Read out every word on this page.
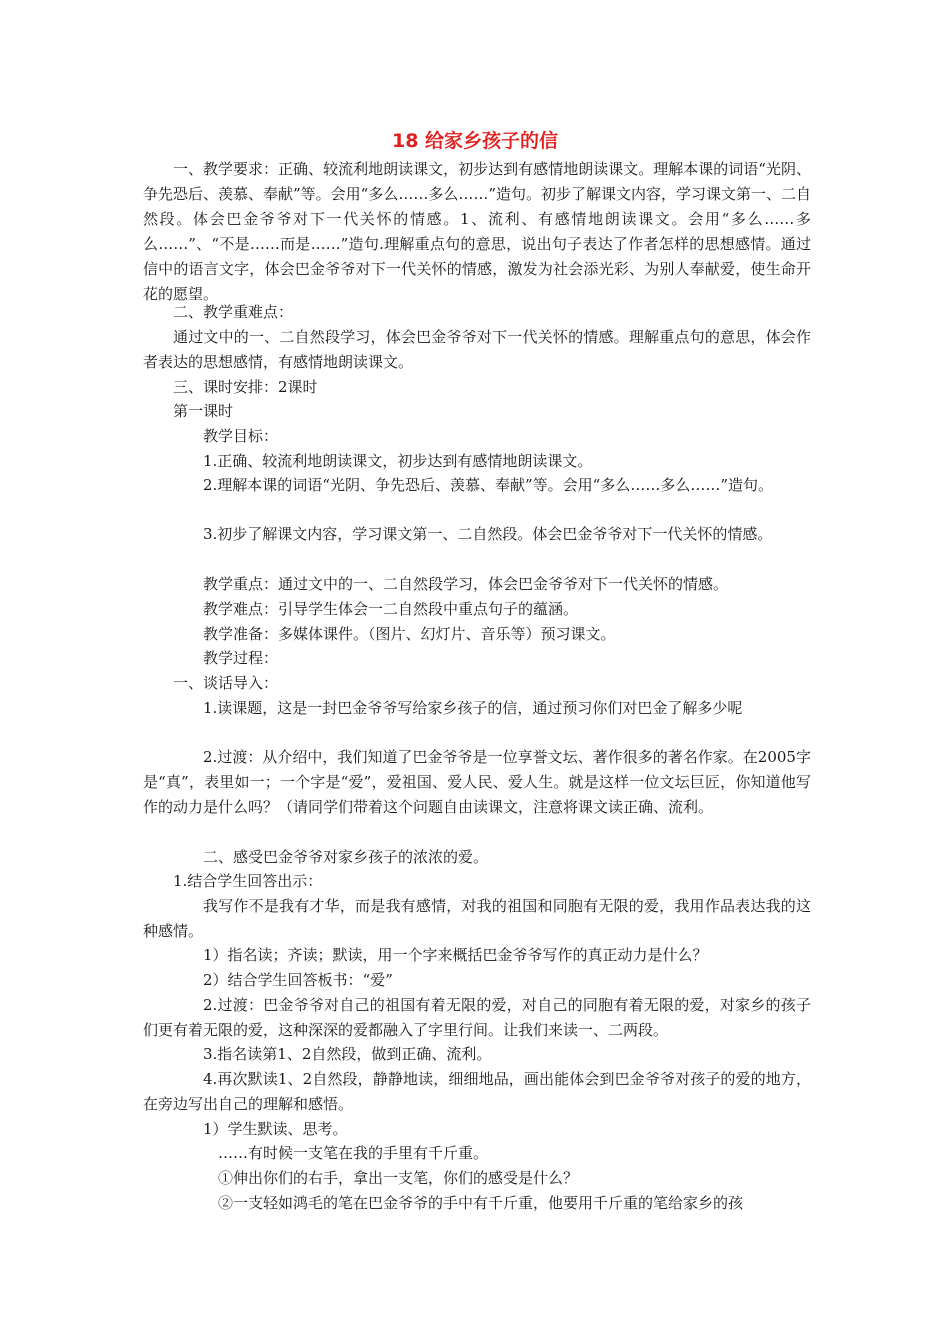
18 给家乡孩子的信

一、教学要求：正确、较流利地朗读课文，初步达到有感情地朗读课文。理解本课的词语“光阴、争先恐后、羡慕、奉献”等。会用“多么……多么……”造句。初步了解课文内容，学习课文第一、二自然段。体会巴金爷爷对下一代关怀的情感。1、流利、有感情地朗读课文。会用“多么……多么……”、“不是……而是……”造句.理解重点句的意思，说出句子表达了作者怎样的思想感情。通过信中的语言文字，体会巴金爷爷对下一代关怀的情感，激发为社会添光彩、为别人奉献爱，使生命开花的愿望。

二、教学重难点：

通过文中的一、二自然段学习，体会巴金爷爷对下一代关怀的情感。理解重点句的意思，体会作者表达的思想感情，有感情地朗读课文。

三、课时安排：2课时

第一课时

教学目标：

1.正确、较流利地朗读课文，初步达到有感情地朗读课文。

2.理解本课的词语“光阴、争先恐后、羡慕、奉献”等。会用“多么……多么……”造句。

3.初步了解课文内容，学习课文第一、二自然段。体会巴金爷爷对下一代关怀的情感。

教学重点：通过文中的一、二自然段学习，体会巴金爷爷对下一代关怀的情感。

教学难点：引导学生体会一二自然段中重点句子的蕴涵。

教学准备：多媒体课件。（图片、幻灯片、音乐等）预习课文。

教学过程：

一、谈话导入：

1.读课题，这是一封巴金爷爷写给家乡孩子的信，通过预习你们对巴金了解多少呢

2.过渡：从介绍中，我们知道了巴金爷爷是一位享誉文坛、著作很多的著名作家。在2005字是“真”，表里如一；一个字是“爱”，爱祖国、爱人民、爱人生。就是这样一位文坛巨匠，你知道他写作的动力是什么吗？（请同学们带着这个问题自由读课文，注意将课文读正确、流利。

二、感受巴金爷爷对家乡孩子的浓浓的爱。

1.结合学生回答出示：

我写作不是我有才华，而是我有感情，对我的祖国和同胞有无限的爱，我用作品表达我的这种感情。

1）指名读；齐读；默读，用一个字来概括巴金爷爷写作的真正动力是什么？

2）结合学生回答板书：“爱”

2.过渡：巴金爷爷对自己的祖国有着无限的爱，对自己的同胞有着无限的爱，对家乡的孩子们更有着无限的爱，这种深深的爱都融入了字里行间。让我们来读一、二两段。

3.指名读第1、2自然段，做到正确、流利。

4.再次默读1、2自然段，静静地读，细细地品，画出能体会到巴金爷爷对孩子的爱的地方，在旁边写出自己的理解和感悟。

1）学生默读、思考。

……有时候一支笔在我的手里有千斤重。

①伸出你们的右手，拿出一支笔，你们的感受是什么？

②一支轻如鸿毛的笔在巴金爷爷的手中有千斤重，他要用千斤重的笔给家乡的孩
